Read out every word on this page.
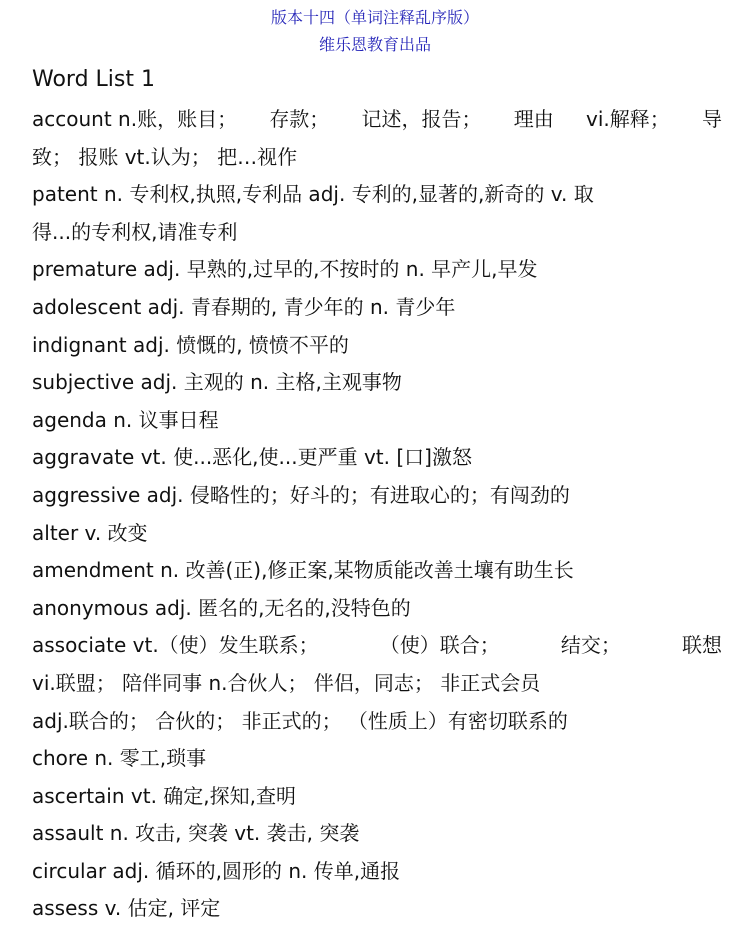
版本十四（单词注释乱序版）
维乐恩教育出品
Word List 1
account n.账，账目； 存款； 记述，报告； 理由 vi.解释； 导
致； 报账 vt.认为； 把…视作
patent n. 专利权,执照,专利品 adj. 专利的,显著的,新奇的 v. 取
得...的专利权,请准专利
premature adj. 早熟的,过早的,不按时的 n. 早产儿,早发
adolescent adj. 青春期的, 青少年的 n. 青少年
indignant adj. 愤慨的, 愤愤不平的
subjective adj. 主观的 n. 主格,主观事物
agenda n. 议事日程
aggravate vt. 使...恶化,使...更严重 vt. [口]激怒
aggressive adj. 侵略性的；好斗的；有进取心的；有闯劲的
alter v. 改变
amendment n. 改善(正),修正案,某物质能改善土壤有助生长
anonymous adj. 匿名的,无名的,没特色的
associate vt.（使）发生联系；	（使）联合；	结交；	联想
vi.联盟； 陪伴同事 n.合伙人； 伴侣，同志； 非正式会员
adj.联合的； 合伙的； 非正式的； （性质上）有密切联系的
chore n. 零工,琐事
ascertain vt. 确定,探知,查明
assault n. 攻击, 突袭 vt. 袭击, 突袭
circular adj. 循环的,圆形的 n. 传单,通报
assess v. 估定, 评定
